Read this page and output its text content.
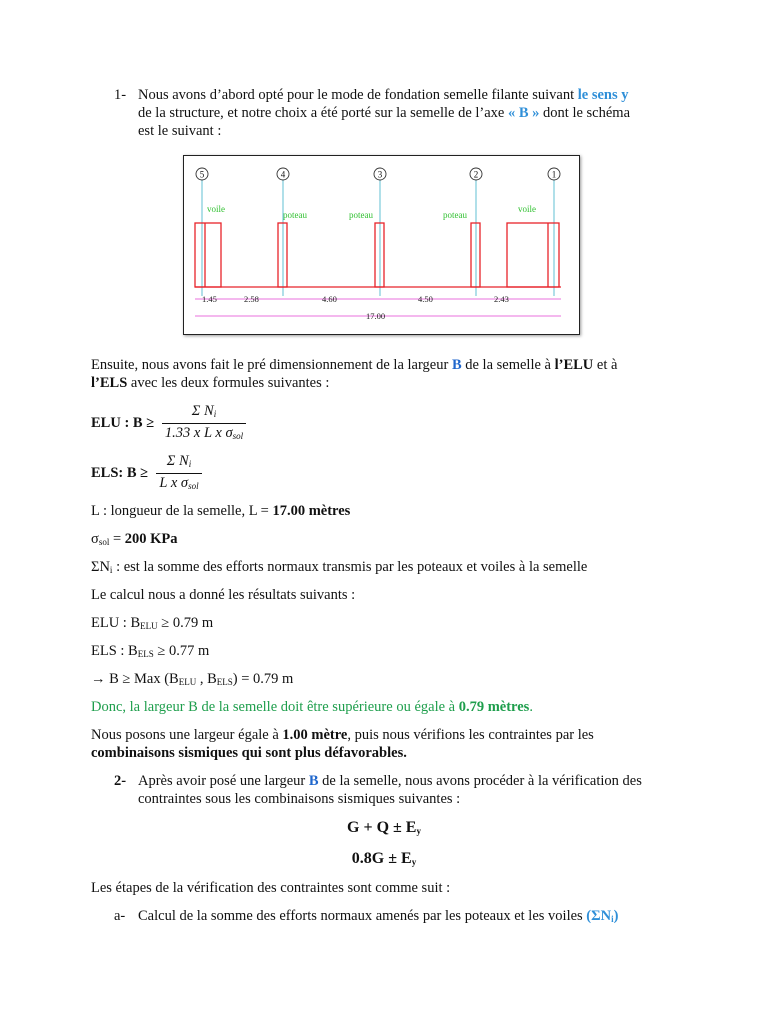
1- Nous avons d’abord opté pour le mode de fondation semelle filante suivant le sens y
de la structure, et notre choix a été porté sur la semelle de l’axe « B » dont le schéma
est le suivant :
5	4	3	2	1
voile
poteau	poteau	poteau
voile
1.45	2.58	4.60	4.50	2.43
17.00
Ensuite, nous avons fait le pré dimensionnement de la largeur B de la semelle à l’ELU et à
l’ELS avec les deux formules suivantes :
ELU : B ≥
Σ $N_i$
1.33 x L x $\sigma_{sol}$
ELS: B ≥
Σ $N_i$
L x $\sigma_{sol}$
L : longueur de la semelle, L = 17.00 mètres
$\sigma_{sol} = 200$ KPa
$\Sigma N_i$ : est la somme des efforts normaux transmis par les poteaux et voiles à la semelle
Le calcul nous a donné les résultats suivants :
ELU : $B_{ELU} \ge 0.79$ m
ELS : $B_{ELS} \ge 0.77$ m
→ B ≥ Max ($B_{ELU}$ , $B_{ELS}) = 0.79$ m
Donc, la largeur B de la semelle doit être supérieure ou égale à 0.79 mètres.
Nous posons une largeur égale à 1.00 mètre, puis nous vérifions les contraintes par les
combinaisons sismiques qui sont plus défavorables.
2- Après avoir posé une largeur B de la semelle, nous avons procéder à la vérification des
contraintes sous les combinaisons sismiques suivantes :
$G + Q \pm E_y$
$0.8G \pm E_y$
Les étapes de la vérification des contraintes sont comme suit :
a- Calcul de la somme des efforts normaux amenés par les poteaux et les voiles $(\Sigma N_i)$
